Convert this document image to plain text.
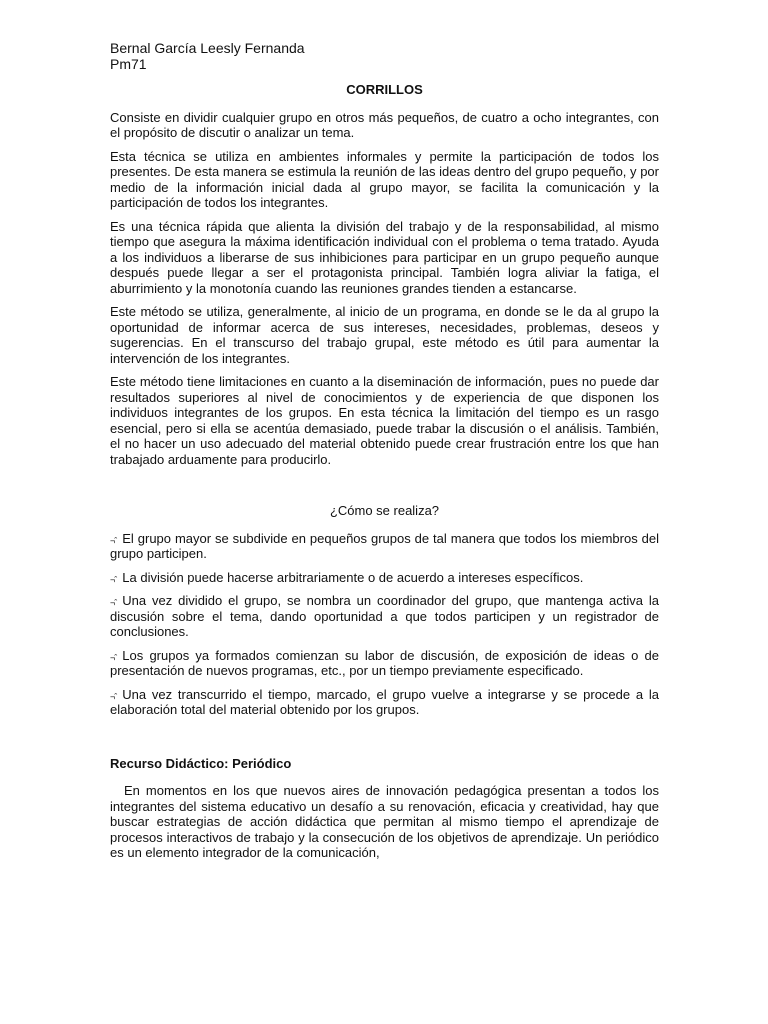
Bernal García Leesly Fernanda

Pm71

CORRILLOS

Consiste en dividir cualquier grupo en otros más pequeños, de cuatro a ocho integrantes, con el propósito de discutir o analizar un tema.

Esta técnica se utiliza en ambientes informales y permite la participación de todos los presentes. De esta manera se estimula la reunión de las ideas dentro del grupo pequeño, y por medio de la información inicial dada al grupo mayor, se facilita la comunicación y la participación de todos los integrantes.

Es una técnica rápida que alienta la división del trabajo y de la responsabilidad, al mismo tiempo que asegura la máxima identificación individual con el problema o tema tratado. Ayuda a los individuos a liberarse de sus inhibiciones para participar en un grupo pequeño aunque después puede llegar a ser el protagonista principal. También logra aliviar la fatiga, el aburrimiento y la monotonía cuando las reuniones grandes tienden a estancarse.

Este método se utiliza, generalmente, al inicio de un programa, en donde se le da al grupo la oportunidad de informar acerca de sus intereses, necesidades, problemas, deseos y sugerencias. En el transcurso del trabajo grupal, este método es útil para aumentar la intervención de los integrantes.

Este método tiene limitaciones en cuanto a la diseminación de información, pues no puede dar resultados superiores al nivel de conocimientos y de experiencia de que disponen los individuos integrantes de los grupos. En esta técnica la limitación del tiempo es un rasgo esencial, pero si ella se acentúa demasiado, puede trabar la discusión o el análisis. También, el no hacer un uso adecuado del material obtenido puede crear frustración entre los que han trabajado arduamente para producirlo.

¿Cómo se realiza?

¬ˆ El grupo mayor se subdivide en pequeños grupos de tal manera que todos los miembros del grupo participen.

¬ˆ La división puede hacerse arbitrariamente o de acuerdo a intereses específicos.

¬ˆ Una vez dividido el grupo, se nombra un coordinador del grupo, que mantenga activa la discusión sobre el tema, dando oportunidad a que todos participen y un registrador de conclusiones.

¬ˆ Los grupos ya formados comienzan su labor de discusión, de exposición de ideas o de presentación de nuevos programas, etc., por un tiempo previamente especificado.

¬ˆ Una vez transcurrido el tiempo, marcado, el grupo vuelve a integrarse y se procede a la elaboración total del material obtenido por los grupos.

Recurso Didáctico: Periódico

En momentos en los que nuevos aires de innovación pedagógica presentan a todos los integrantes del sistema educativo un desafío a su renovación, eficacia y creatividad, hay que buscar estrategias de acción didáctica que permitan al mismo tiempo el aprendizaje de procesos interactivos de trabajo y la consecución de los objetivos de aprendizaje. Un periódico es un elemento integrador de la comunicación,
